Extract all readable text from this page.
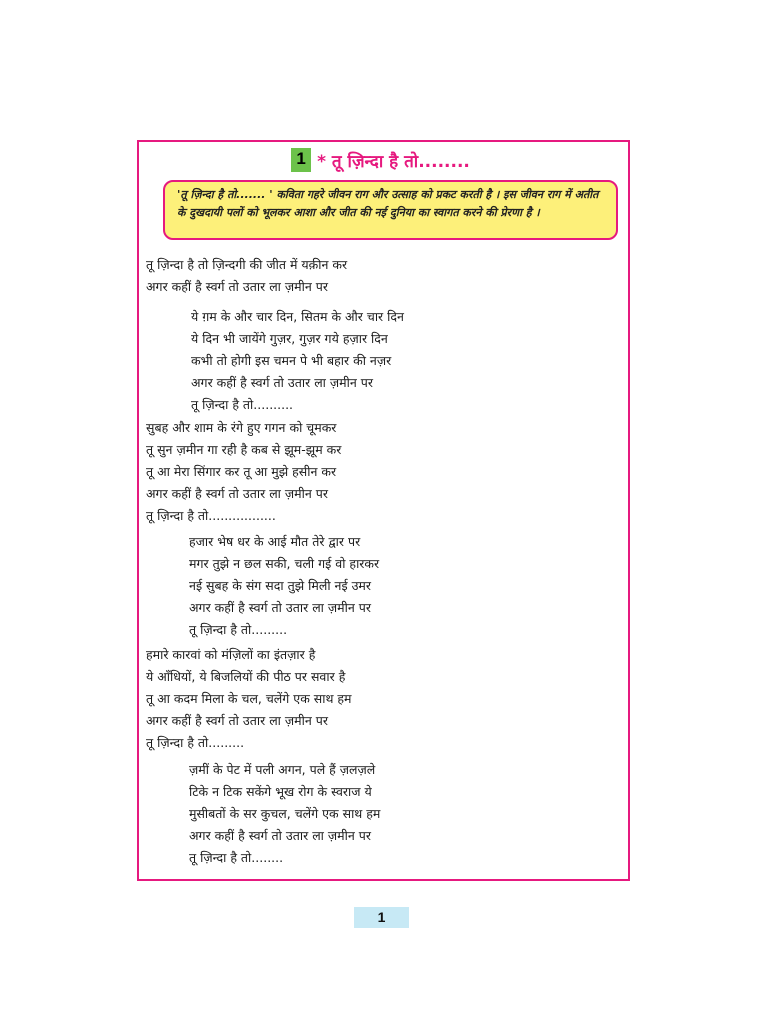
1 * तू ज़िन्दा है तो........
'तू ज़िन्दा है तो....... ' कविता गहरे जीवन राग और उत्साह को प्रकट करती है । इस जीवन राग में अतीत के दुखदायी पलों को भूलकर आशा और जीत की नई दुनिया का स्वागत करने की प्रेरणा है ।
तू ज़िन्दा है तो ज़िन्दगी की जीत में यक़ीन कर
अगर कहीं है स्वर्ग तो उतार ला ज़मीन पर
ये ग़म के और चार दिन, सितम के और चार दिन
ये दिन भी जायेंगे गुज़र, गुज़र गये हज़ार दिन
कभी तो होगी इस चमन पे भी बहार की नज़र
अगर कहीं है स्वर्ग तो उतार ला ज़मीन पर
तू ज़िन्दा है तो..........
सुबह और शाम के रंगे हुए गगन को चूमकर
तू सुन ज़मीन गा रही है कब से झूम-झूम कर
तू आ मेरा सिंगार कर तू आ मुझे हसीन कर
अगर कहीं है स्वर्ग तो उतार ला ज़मीन पर
तू ज़िन्दा है तो.................
हजार भेष धर के आई मौत तेरे द्वार पर
मगर तुझे न छल सकी, चली गई वो हारकर
नई सुबह के संग सदा तुझे मिली नई उमर
अगर कहीं है स्वर्ग तो उतार ला ज़मीन पर
तू ज़िन्दा है तो.........
हमारे कारवां को मंज़िलों का इंतज़ार है
ये आँधियों, ये बिजलियों की पीठ पर सवार है
तू आ कदम मिला के चल, चलेंगे एक साथ हम
अगर कहीं है स्वर्ग तो उतार ला ज़मीन पर
तू ज़िन्दा है तो.........
ज़मीं के पेट में पली अगन, पले हैं ज़लज़ले
टिके न टिक सकेंगे भूख रोग के स्वराज ये
मुसीबतों के सर कुचल, चलेंगे एक साथ हम
अगर कहीं है स्वर्ग तो उतार ला ज़मीन पर
तू ज़िन्दा है तो........
1
